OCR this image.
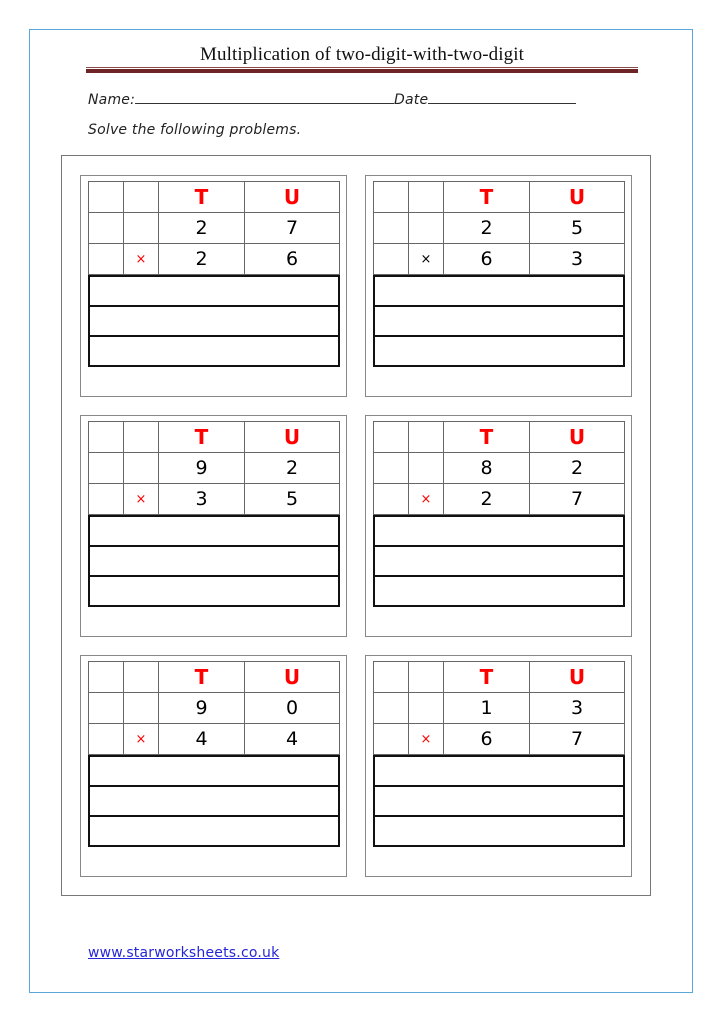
Multiplication of two-digit-with-two-digit
Name:	Date
Solve the following problems.
		T	U
		2	7
	×	2	6
		T	U
		2	5
	×	6	3
		T	U
		9	2
	×	3	5
		T	U
		8	2
	×	2	7
		T	U
		9	0
	×	4	4
		T	U
		1	3
	×	6	7
www.starworksheets.co.uk
